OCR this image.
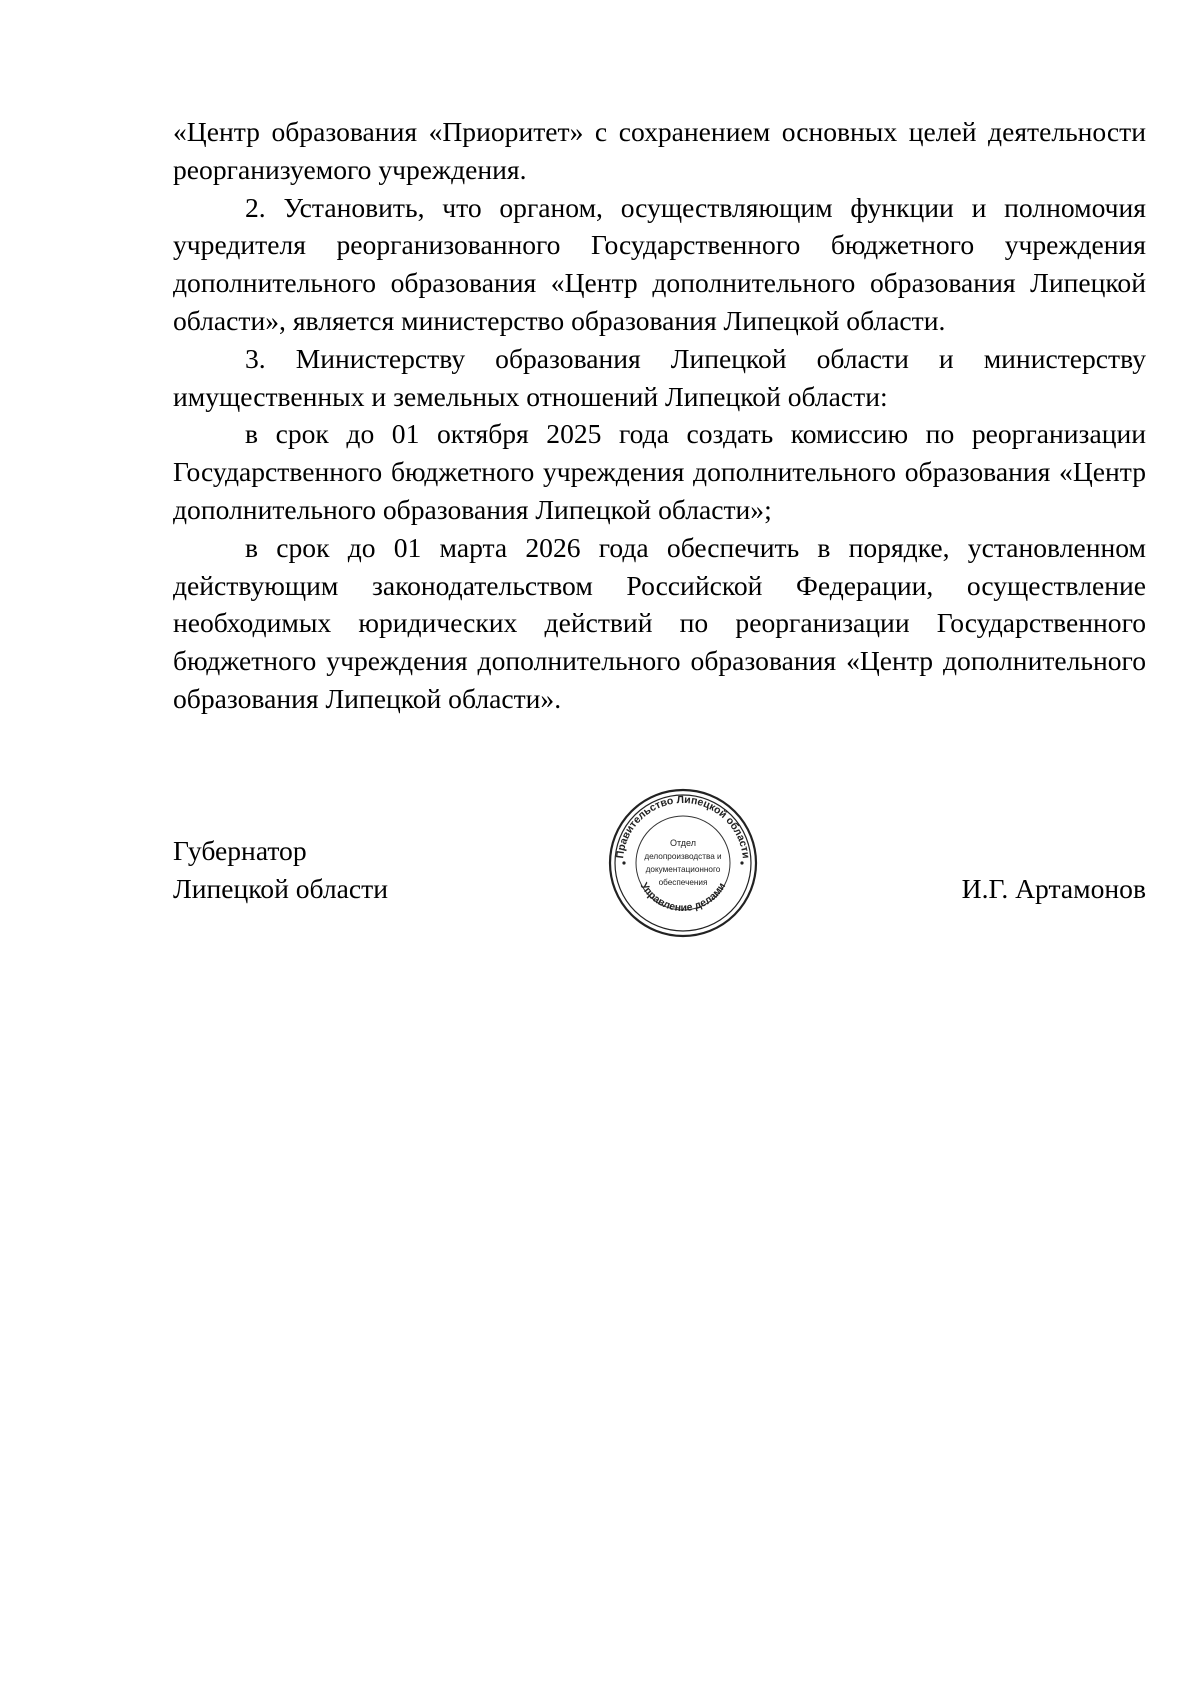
«Центр образования «Приоритет» с сохранением основных целей деятельности реорганизуемого учреждения.

2. Установить, что органом, осуществляющим функции и полномочия учредителя реорганизованного Государственного бюджетного учреждения дополнительного образования «Центр дополнительного образования Липецкой области», является министерство образования Липецкой области.

3. Министерству образования Липецкой области и министерству имущественных и земельных отношений Липецкой области:

в срок до 01 октября 2025 года создать комиссию по реорганизации Государственного бюджетного учреждения дополнительного образования «Центр дополнительного образования Липецкой области»;

в срок до 01 марта 2026 года обеспечить в порядке, установленном действующим законодательством Российской Федерации, осуществление необходимых юридических действий по реорганизации Государственного бюджетного учреждения дополнительного образования «Центр дополнительного образования Липецкой области».

Губернатор
Липецкой области
Правительство Липецкой области
Управление делами
Отдел
делопроизводства и
документационного
обеспечения	И.Г. Артамонов
